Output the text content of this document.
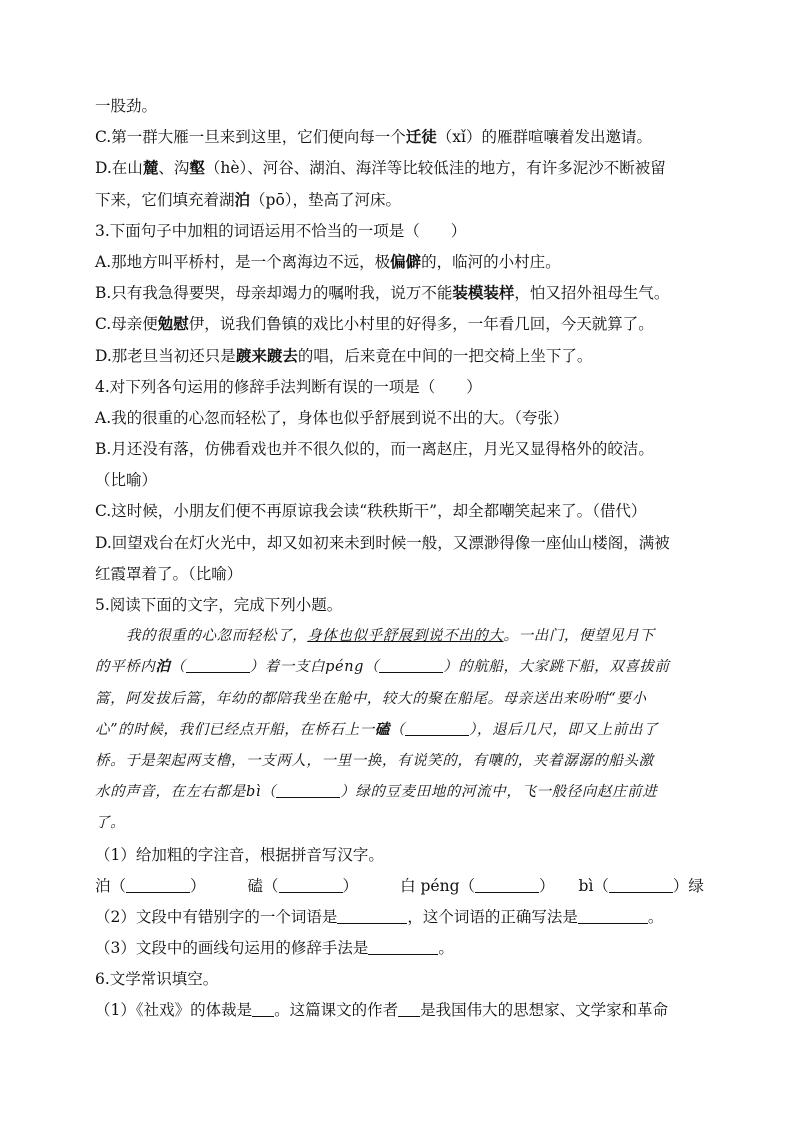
一股劲。
C.第一群大雁一旦来到这里，它们便向每一个迁徒（xǐ）的雁群喧嚷着发出邀请。
D.在山麓、沟壑（hè）、河谷、湖泊、海洋等比较低洼的地方，有许多泥沙不断被留
下来，它们填充着湖泊（pō），垫高了河床。
3.下面句子中加粗的词语运用不恰当的一项是（　　）
A.那地方叫平桥村，是一个离海边不远，极偏僻的，临河的小村庄。
B.只有我急得要哭，母亲却竭力的嘱咐我，说万不能装模装样，怕又招外祖母生气。
C.母亲便勉慰伊，说我们鲁镇的戏比小村里的好得多，一年看几回，今天就算了。
D.那老旦当初还只是踱来踱去的唱，后来竟在中间的一把交椅上坐下了。
4.对下列各句运用的修辞手法判断有误的一项是（　　）
A.我的很重的心忽而轻松了，身体也似乎舒展到说不出的大。（夸张）
B.月还没有落，仿佛看戏也并不很久似的，而一离赵庄，月光又显得格外的皎洁。
（比喻）
C.这时候，小朋友们便不再原谅我会读“秩秩斯干”，却全都嘲笑起来了。（借代）
D.回望戏台在灯火光中，却又如初来未到时候一般，又漂渺得像一座仙山楼阁，满被
红霞罩着了。（比喻）
5.阅读下面的文字，完成下列小题。
我的很重的心忽而轻松了，身体也似乎舒展到说不出的大。一出门，便望见月下
的平桥内泊（	）着一支白péng（	）的航船，大家跳下船，双喜拔前
篙，阿发拔后篙，年幼的都陪我坐在舱中，较大的聚在船尾。母亲送出来吩咐“要小
心”的时候，我们已经点开船，在桥石上一磕（	），退后几尺，即又上前出了
桥。于是架起两支橹，一支两人，一里一换，有说笑的，有嚷的，夹着潺潺的船头激
水的声音，在左右都是bì（	）绿的豆麦田地的河流中，飞一般径向赵庄前进
了。
（1）给加粗的字注音，根据拼音写汉字。
泊（	）	磕（	）	白 péng（	） bì（	）绿
（2）文段中有错别字的一个词语是	，这个词语的正确写法是	。
（3）文段中的画线句运用的修辞手法是	。
6.文学常识填空。
（1）《社戏》的体裁是 。这篇课文的作者 是我国伟大的思想家、文学家和革命
